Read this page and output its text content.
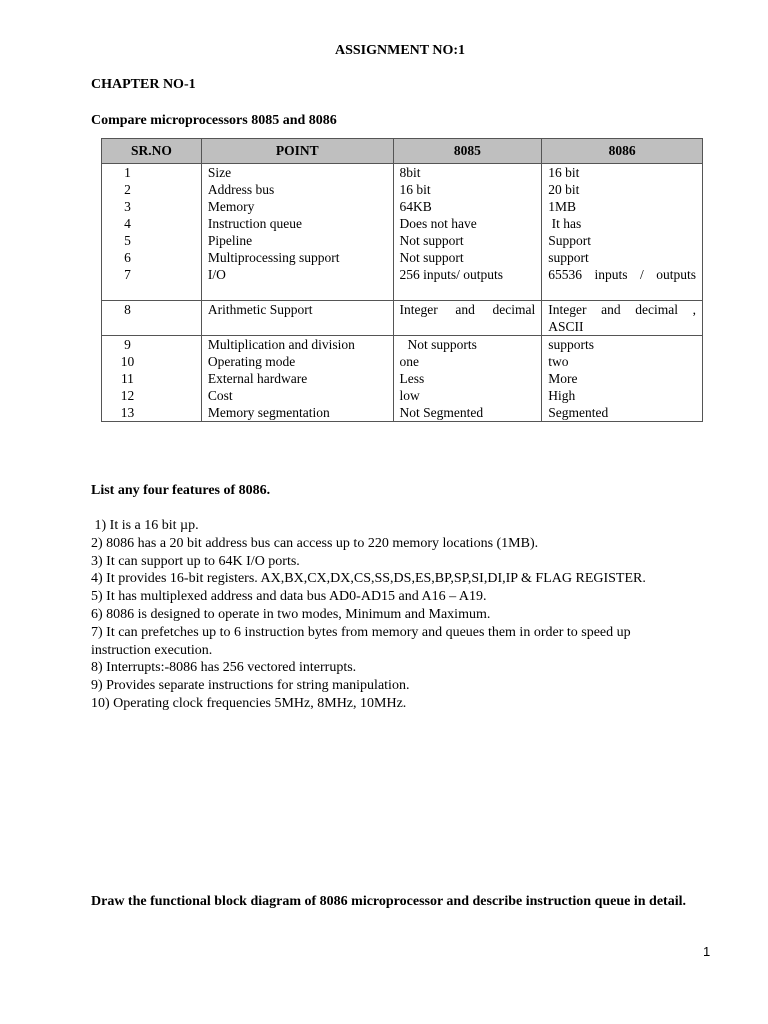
ASSIGNMENT NO:1
CHAPTER NO-1
Compare microprocessors 8085 and 8086
SR.NO	POINT	8085	8086
1	Size	8bit	16 bit
2	Address bus	16 bit	20 bit
3	Memory	64KB	1MB
4	Instruction queue	Does not have	It has
5	Pipeline	Not support	Support
6	Multiprocessing support	Not support	support
7	I/O	256 inputs/ outputs	65536 inputs / outputs
8	Arithmetic Support	Integer and decimal	Integer and decimal , ASCII
9	Multiplication and division	Not supports	supports
10	Operating mode	one	two
11	External hardware	Less	More
12	Cost	low	High
13	Memory segmentation	Not Segmented	Segmented
List any four features of 8086.
1) It is a 16 bit µp.
2) 8086 has a 20 bit address bus can access up to 220 memory locations (1MB).
3) It can support up to 64K I/O ports.
4) It provides 16-bit registers. AX,BX,CX,DX,CS,SS,DS,ES,BP,SP,SI,DI,IP & FLAG REGISTER.
5) It has multiplexed address and data bus AD0-AD15 and A16 – A19.
6) 8086 is designed to operate in two modes, Minimum and Maximum.
7) It can prefetches up to 6 instruction bytes from memory and queues them in order to speed up instruction execution.
8) Interrupts:-8086 has 256 vectored interrupts.
9) Provides separate instructions for string manipulation.
10) Operating clock frequencies 5MHz, 8MHz, 10MHz.
Draw the functional block diagram of 8086 microprocessor and describe instruction queue in detail.
1
